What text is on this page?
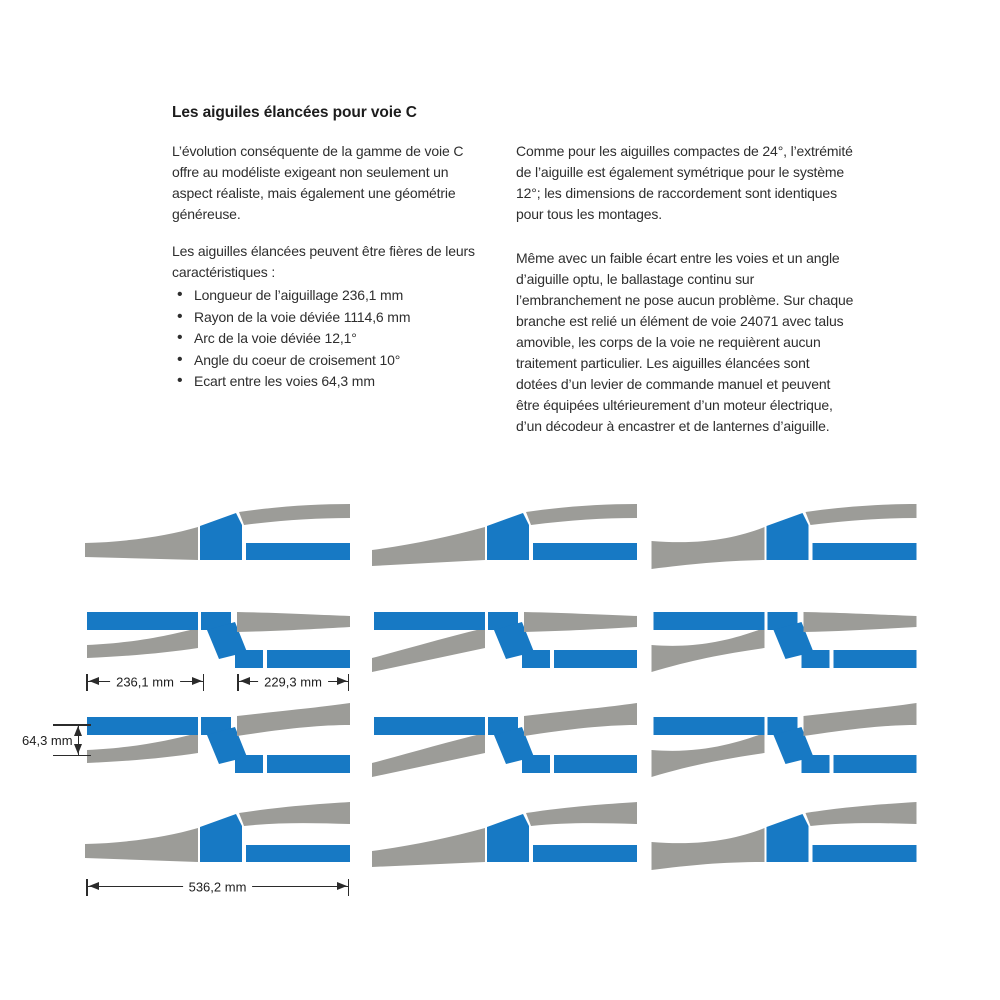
Les aiguiles élancées pour voie C

L’évolution conséquente de la gamme de voie C offre au modéliste exigeant non seulement un aspect réaliste, mais également une géométrie généreuse.

Les aiguilles élancées peuvent être fières de leurs caractéristiques :

• Longueur de l’aiguillage 236,1 mm
• Rayon de la voie déviée 1114,6 mm
• Arc de la voie déviée 12,1°
• Angle du coeur de croisement 10°
• Ecart entre les voies 64,3 mm

Comme pour les aiguilles compactes de 24°, l’extrémité de l’aiguille est également symétrique pour le système 12°; les dimensions de raccordement sont identiques pour tous les montages.

Même avec un faible écart entre les voies et un angle d’aiguille optu, le ballastage continu sur l’embranchement ne pose aucun problème. Sur chaque branche est relié un élément de voie 24071 avec talus amovible, les corps de la voie ne requièrent aucun traitement particulier. Les aiguilles élancées sont dotées d’un levier de commande manuel et peuvent être équipées ultérieurement d’un moteur électrique, d’un décodeur à encastrer et de lanternes d’aiguille.

236,1 mm	229,3 mm
64,3 mm
536,2 mm
